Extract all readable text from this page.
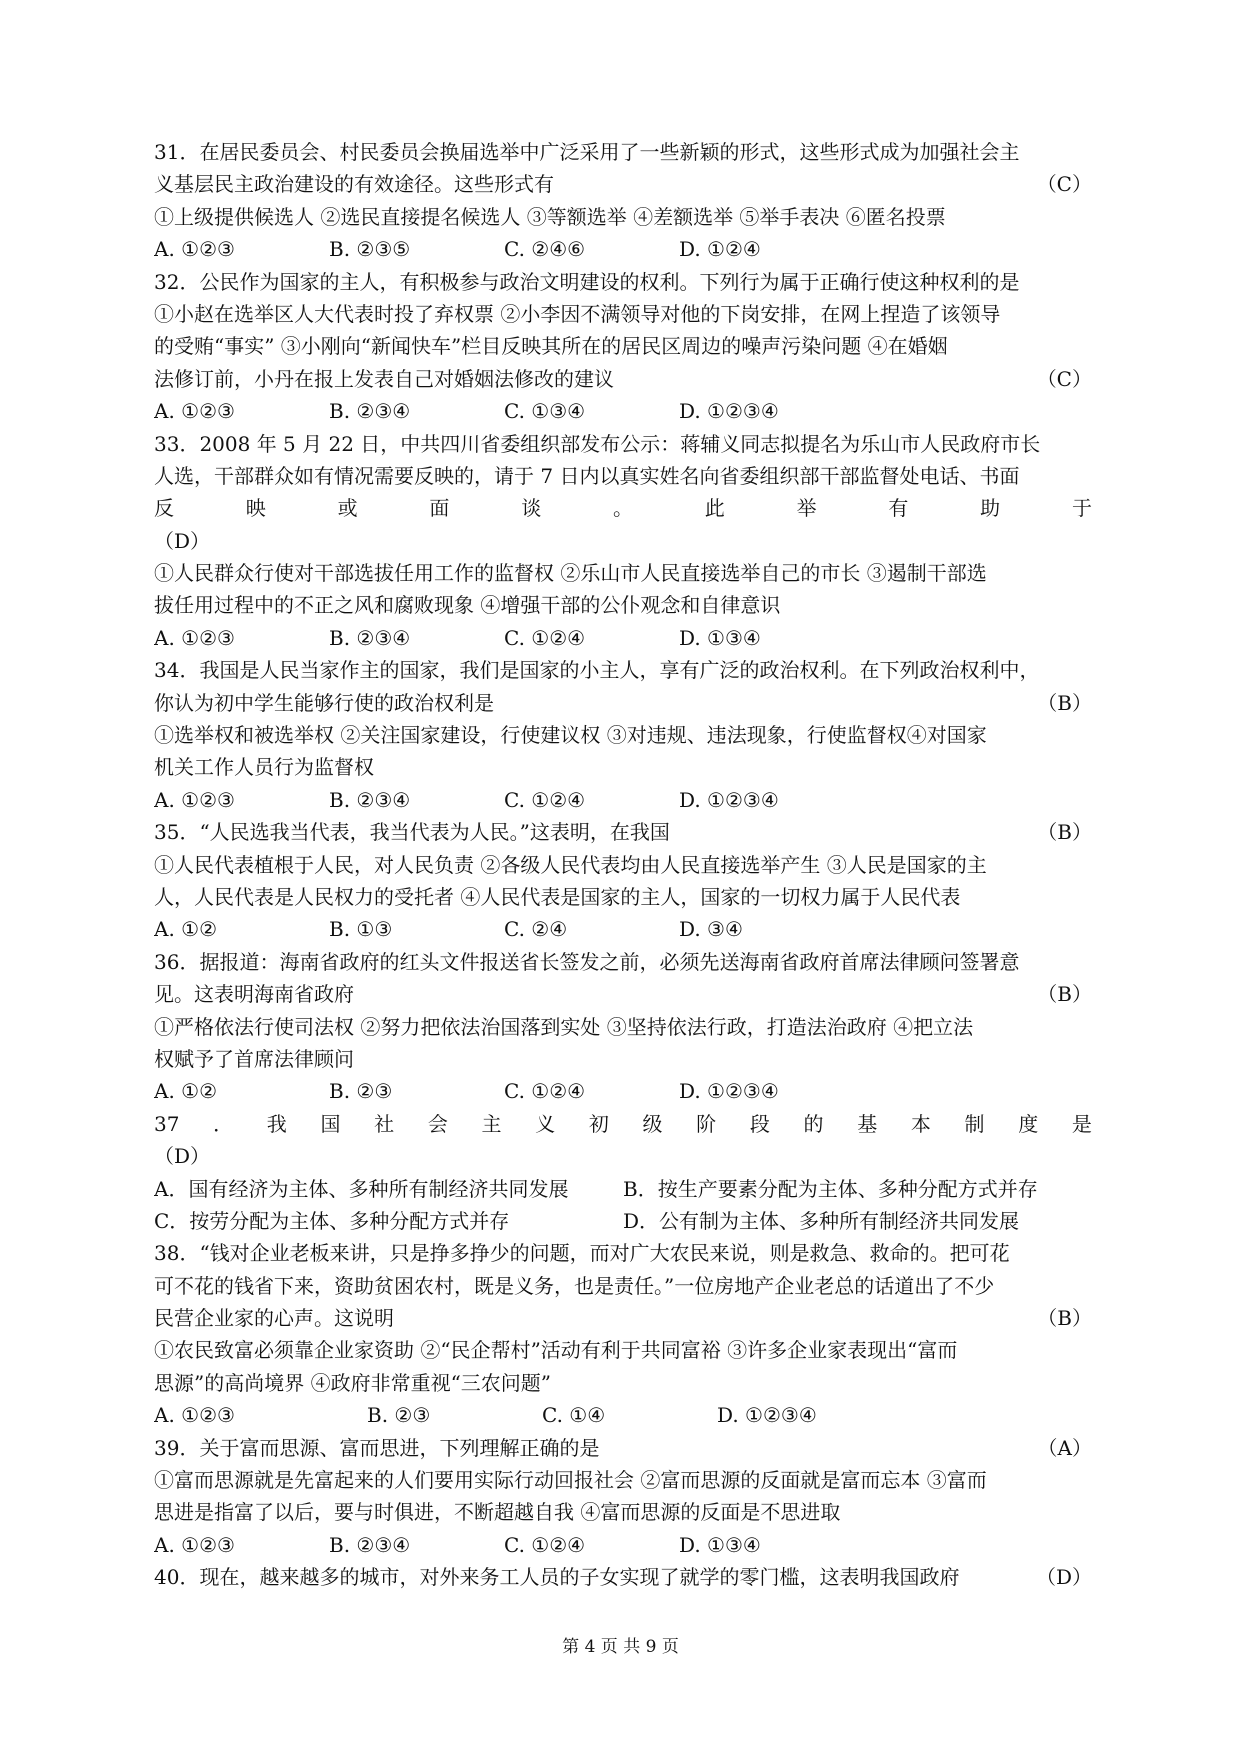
31．在居民委员会、村民委员会换届选举中广泛采用了一些新颖的形式，这些形式成为加强社会主
义基层民主政治建设的有效途径。这些形式有	（C）
①上级提供候选人 ②选民直接提名候选人 ③等额选举 ④差额选举 ⑤举手表决 ⑥匿名投票
A. ①②③	B. ②③⑤	C. ②④⑥	D. ①②④
32．公民作为国家的主人，有积极参与政治文明建设的权利。下列行为属于正确行使这种权利的是
①小赵在选举区人大代表时投了弃权票 ②小李因不满领导对他的下岗安排，在网上捏造了该领导
的受贿“事实” ③小刚向“新闻快车”栏目反映其所在的居民区周边的噪声污染问题 ④在婚姻
法修订前，小丹在报上发表自己对婚姻法修改的建议	（C）
A. ①②③	B. ②③④	C. ①③④	D. ①②③④
33．2008 年 5 月 22 日，中共四川省委组织部发布公示：蒋辅义同志拟提名为乐山市人民政府市长
人选，干部群众如有情况需要反映的，请于 7 日内以真实姓名向省委组织部干部监督处电话、书面
反	映	或	面	谈	。	此	举	有	助	于
（D）
①人民群众行使对干部选拔任用工作的监督权 ②乐山市人民直接选举自己的市长 ③遏制干部选
拔任用过程中的不正之风和腐败现象 ④增强干部的公仆观念和自律意识
A. ①②③	B. ②③④	C. ①②④	D. ①③④
34．我国是人民当家作主的国家，我们是国家的小主人，享有广泛的政治权利。在下列政治权利中，
你认为初中学生能够行使的政治权利是	（B）
①选举权和被选举权 ②关注国家建设，行使建议权 ③对违规、违法现象，行使监督权④对国家
机关工作人员行为监督权
A. ①②③	B. ②③④	C. ①②④	D. ①②③④
35．“人民选我当代表，我当代表为人民。”这表明，在我国	（B）
①人民代表植根于人民，对人民负责 ②各级人民代表均由人民直接选举产生 ③人民是国家的主
人，人民代表是人民权力的受托者 ④人民代表是国家的主人，国家的一切权力属于人民代表
A. ①②	B. ①③	C. ②④	D. ③④
36．据报道：海南省政府的红头文件报送省长签发之前，必须先送海南省政府首席法律顾问签署意
见。这表明海南省政府	（B）
①严格依法行使司法权 ②努力把依法治国落到实处 ③坚持依法行政，打造法治政府 ④把立法
权赋予了首席法律顾问
A. ①②	B. ②③	C. ①②④	D. ①②③④
37 ． 我 国 社 会 主 义 初 级 阶 段 的 基 本 制 度 是
（D）
A．国有经济为主体、多种所有制经济共同发展	B．按生产要素分配为主体、多种分配方式并存
C．按劳分配为主体、多种分配方式并存	D．公有制为主体、多种所有制经济共同发展
38．“钱对企业老板来讲，只是挣多挣少的问题，而对广大农民来说，则是救急、救命的。把可花
可不花的钱省下来，资助贫困农村，既是义务，也是责任。”一位房地产企业老总的话道出了不少
民营企业家的心声。这说明	（B）
①农民致富必须靠企业家资助 ②“民企帮村”活动有利于共同富裕 ③许多企业家表现出“富而
思源”的高尚境界 ④政府非常重视“三农问题”
A. ①②③	B. ②③	C. ①④	D. ①②③④
39．关于富而思源、富而思进，下列理解正确的是	（A）
①富而思源就是先富起来的人们要用实际行动回报社会 ②富而思源的反面就是富而忘本 ③富而
思进是指富了以后，要与时俱进，不断超越自我 ④富而思源的反面是不思进取
A. ①②③	B. ②③④	C. ①②④	D. ①③④
40．现在，越来越多的城市，对外来务工人员的子女实现了就学的零门槛，这表明我国政府	（D）
第 4 页 共 9 页
